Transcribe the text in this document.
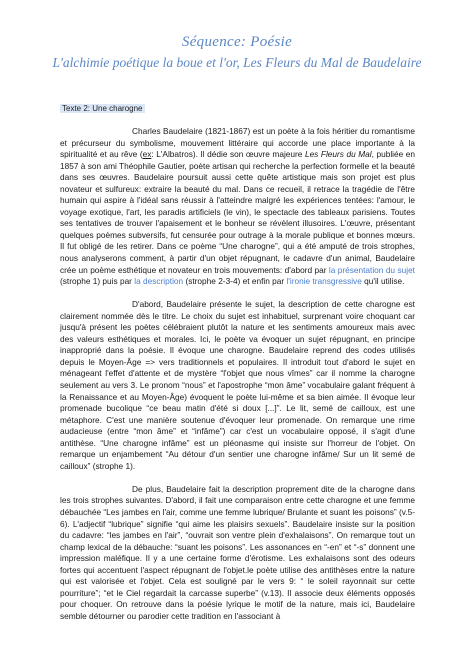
Séquence: Poésie
L'alchimie poétique la boue et l'or, Les Fleurs du Mal de Baudelaire
Texte 2: Une charogne

Charles Baudelaire (1821-1867) est un poète à la fois héritier du romantisme et précurseur du symbolisme, mouvement littéraire qui accorde une place importante à la spiritualité et au rêve (ex: L'Albatros). Il dédie son œuvre majeure Les Fleurs du Mal, publiée en 1857 à son ami Théophile Gautier, poète artisan qui recherche la perfection formelle et la beauté dans ses œuvres. Baudelaire poursuit aussi cette quête artistique mais son projet est plus novateur et sulfureux: extraire la beauté du mal. Dans ce recueil, il retrace la tragédie de l'être humain qui aspire à l'idéal sans réussir à l'atteindre malgré les expériences tentées: l'amour, le voyage exotique, l'art, les paradis artificiels (le vin), le spectacle des tableaux parisiens. Toutes ses tentatives de trouver l'apaisement et le bonheur se révèlent illusoires. L'œuvre, présentant quelques poèmes subversifs, fut censurée pour outrage à la morale publique et bonnes mœurs. Il fut obligé de les retirer. Dans ce poème “Une charogne”, qui a été amputé de trois strophes, nous analyserons comment, à partir d'un objet répugnant, le cadavre d'un animal, Baudelaire crée un poème esthétique et novateur en trois mouvements: d'abord par la présentation du sujet (strophe 1) puis par la description (strophe 2-3-4) et enfin par l'ironie transgressive qu'il utilise.

D'abord, Baudelaire présente le sujet, la description de cette charogne est clairement nommée dès le titre. Le choix du sujet est inhabituel, surprenant voire choquant car jusqu'à présent les poètes célébraient plutôt la nature et les sentiments amoureux mais avec des valeurs esthétiques et morales. Ici, le poète va évoquer un sujet répugnant, en principe inapproprié dans la poésie. Il évoque une charogne. Baudelaire reprend des codes utilisés depuis le Moyen-Âge => vers traditionnels et populaires. Il introduit tout d'abord le sujet en ménageant l'effet d'attente et de mystère “l'objet que nous vîmes” car il nomme la charogne seulement au vers 3. Le pronom “nous” et l'apostrophe “mon âme” vocabulaire galant fréquent à la Renaissance et au Moyen-Âge) évoquent le poète lui-même et sa bien aimée. Il évoque leur promenade bucolique “ce beau matin d'été si doux [...]”. Le lit, semé de cailloux, est une métaphore. C'est une manière soutenue d'évoquer leur promenade. On remarque une rime audacieuse (entre “mon âme” et “infâme”) car c'est un vocabulaire opposé, il s'agit d'une antithèse. “Une charogne infâme” est un pléonasme qui insiste sur l'horreur de l'objet. On remarque un enjambement “Au détour d'un sentier une charogne infâme/ Sur un lit semé de cailloux” (strophe 1).

De plus, Baudelaire fait la description proprement dite de la charogne dans les trois strophes suivantes. D'abord, il fait une comparaison entre cette charogne et une femme débauchée “Les jambes en l'air, comme une femme lubrique/ Brulante et suant les poisons” (v.5-6). L'adjectif “lubrique” signifie “qui aime les plaisirs sexuels”. Baudelaire insiste sur la position du cadavre: “les jambes en l'air”, “ouvrait son ventre plein d'exhalaisons”. On remarque tout un champ lexical de la débauche: “suant les poisons”. Les assonances en “-en” et “-s” donnent une impression maléfique. Il y a une certaine forme d'érotisme. Les exhalaisons sont des odeurs fortes qui accentuent l'aspect répugnant de l'objet.le poète utilise des antithèses entre la nature qui est valorisée et l'objet. Cela est souligné par le vers 9: “ le soleil rayonnait sur cette pourriture”; “et le Ciel regardait la carcasse superbe” (v.13). Il associe deux éléments opposés pour choquer. On retrouve dans la poésie lyrique le motif de la nature, mais ici, Baudelaire semble détourner ou parodier cette tradition en l'associant à
